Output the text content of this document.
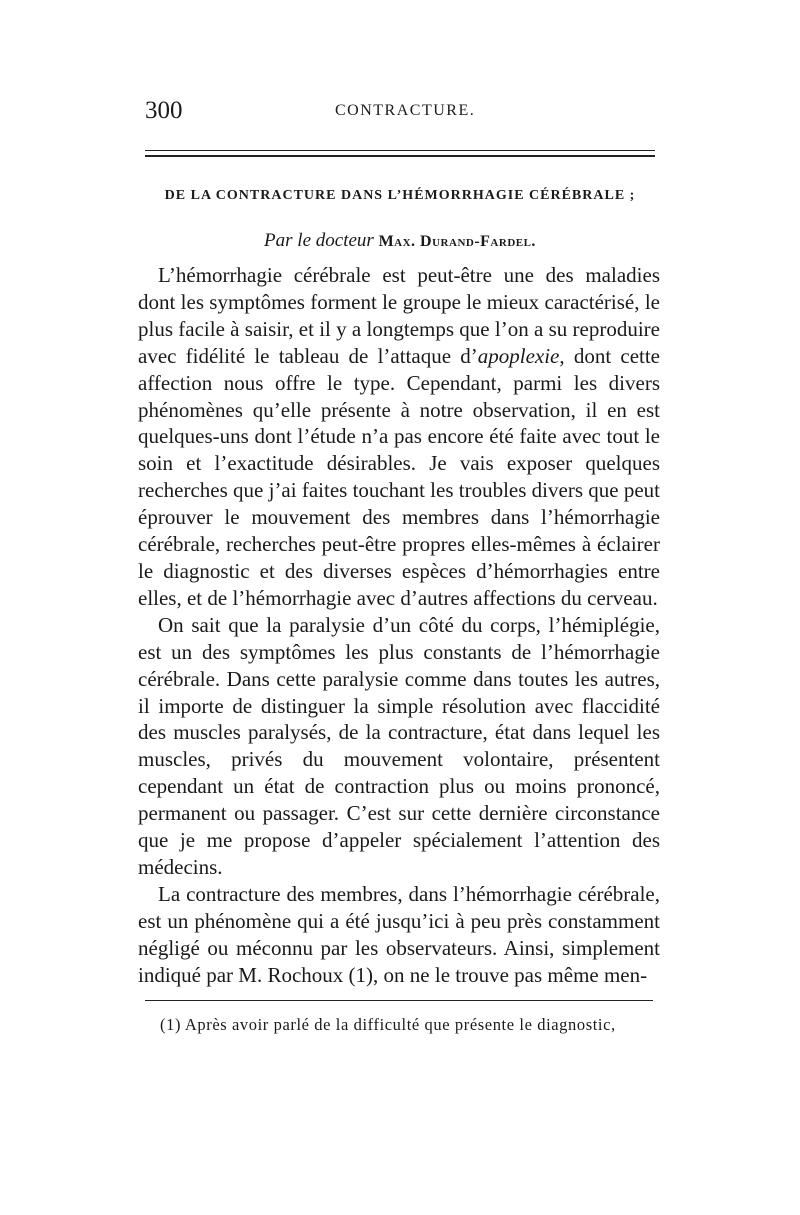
300	CONTRACTURE.
DE LA CONTRACTURE DANS L’HÉMORRHAGIE CÉRÉBRALE ;
Par le docteur Max. Durand-Fardel.

L’hémorrhagie cérébrale est peut-être une des maladies dont les symptômes forment le groupe le mieux caractérisé, le plus facile à saisir, et il y a longtemps que l’on a su reproduire avec fidélité le tableau de l’attaque d’apoplexie, dont cette affection nous offre le type. Cependant, parmi les divers phénomènes qu’elle présente à notre observation, il en est quelques-uns dont l’étude n’a pas encore été faite avec tout le soin et l’exactitude désirables. Je vais exposer quelques recherches que j’ai faites touchant les troubles divers que peut éprouver le mouvement des membres dans l’hémorrhagie cérébrale, recherches peut-être propres elles-mêmes à éclairer le diagnostic et des diverses espèces d’hémorrhagies entre elles, et de l’hémorrhagie avec d’autres affections du cerveau.

On sait que la paralysie d’un côté du corps, l’hémiplégie, est un des symptômes les plus constants de l’hémorrhagie cérébrale. Dans cette paralysie comme dans toutes les autres, il importe de distinguer la simple résolution avec flaccidité des muscles paralysés, de la contracture, état dans lequel les muscles, privés du mouvement volontaire, présentent cependant un état de contraction plus ou moins prononcé, permanent ou passager. C’est sur cette dernière circonstance que je me propose d’appeler spécialement l’attention des médecins.

La contracture des membres, dans l’hémorrhagie cérébrale, est un phénomène qui a été jusqu’ici à peu près constamment négligé ou méconnu par les observateurs. Ainsi, simplement indiqué par M. Rochoux (1), on ne le trouve pas même men-

(1) Après avoir parlé de la difficulté que présente le diagnostic,
